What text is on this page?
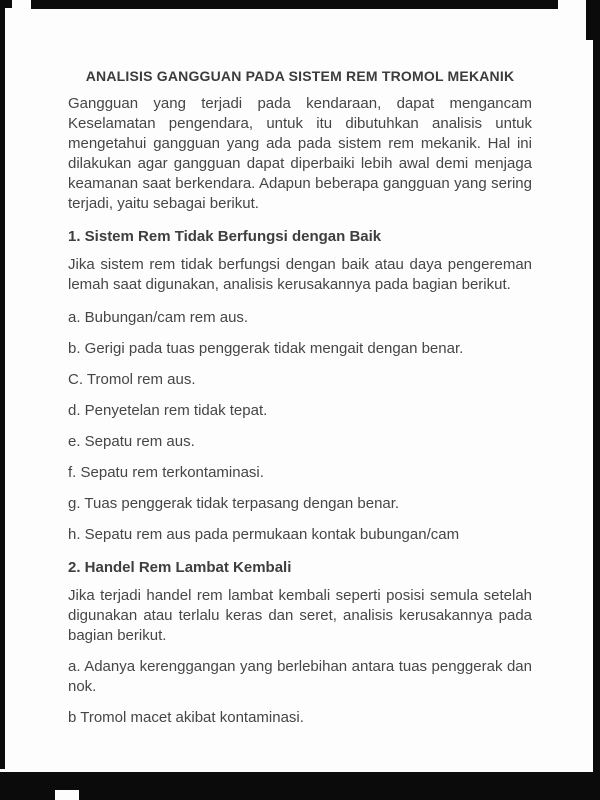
ANALISIS GANGGUAN PADA SISTEM REM TROMOL MEKANIK

Gangguan yang terjadi pada kendaraan, dapat mengancam Keselamatan pengendara, untuk itu dibutuhkan analisis untuk mengetahui gangguan yang ada pada sistem rem mekanik. Hal ini dilakukan agar gangguan dapat diperbaiki lebih awal demi menjaga keamanan saat berkendara. Adapun beberapa gangguan yang sering terjadi, yaitu sebagai berikut.

1. Sistem Rem Tidak Berfungsi dengan Baik

Jika sistem rem tidak berfungsi dengan baik atau daya pengereman lemah saat digunakan, analisis kerusakannya pada bagian berikut.

a. Bubungan/cam rem aus.

b. Gerigi pada tuas penggerak tidak mengait dengan benar.

C. Tromol rem aus.

d. Penyetelan rem tidak tepat.

e. Sepatu rem aus.

f. Sepatu rem terkontaminasi.

g. Tuas penggerak tidak terpasang dengan benar.

h. Sepatu rem aus pada permukaan kontak bubungan/cam

2. Handel Rem Lambat Kembali

Jika terjadi handel rem lambat kembali seperti posisi semula setelah digunakan atau terlalu keras dan seret, analisis kerusakannya pada bagian berikut.

a. Adanya kerenggangan yang berlebihan antara tuas penggerak dan nok.

b Tromol macet akibat kontaminasi.
